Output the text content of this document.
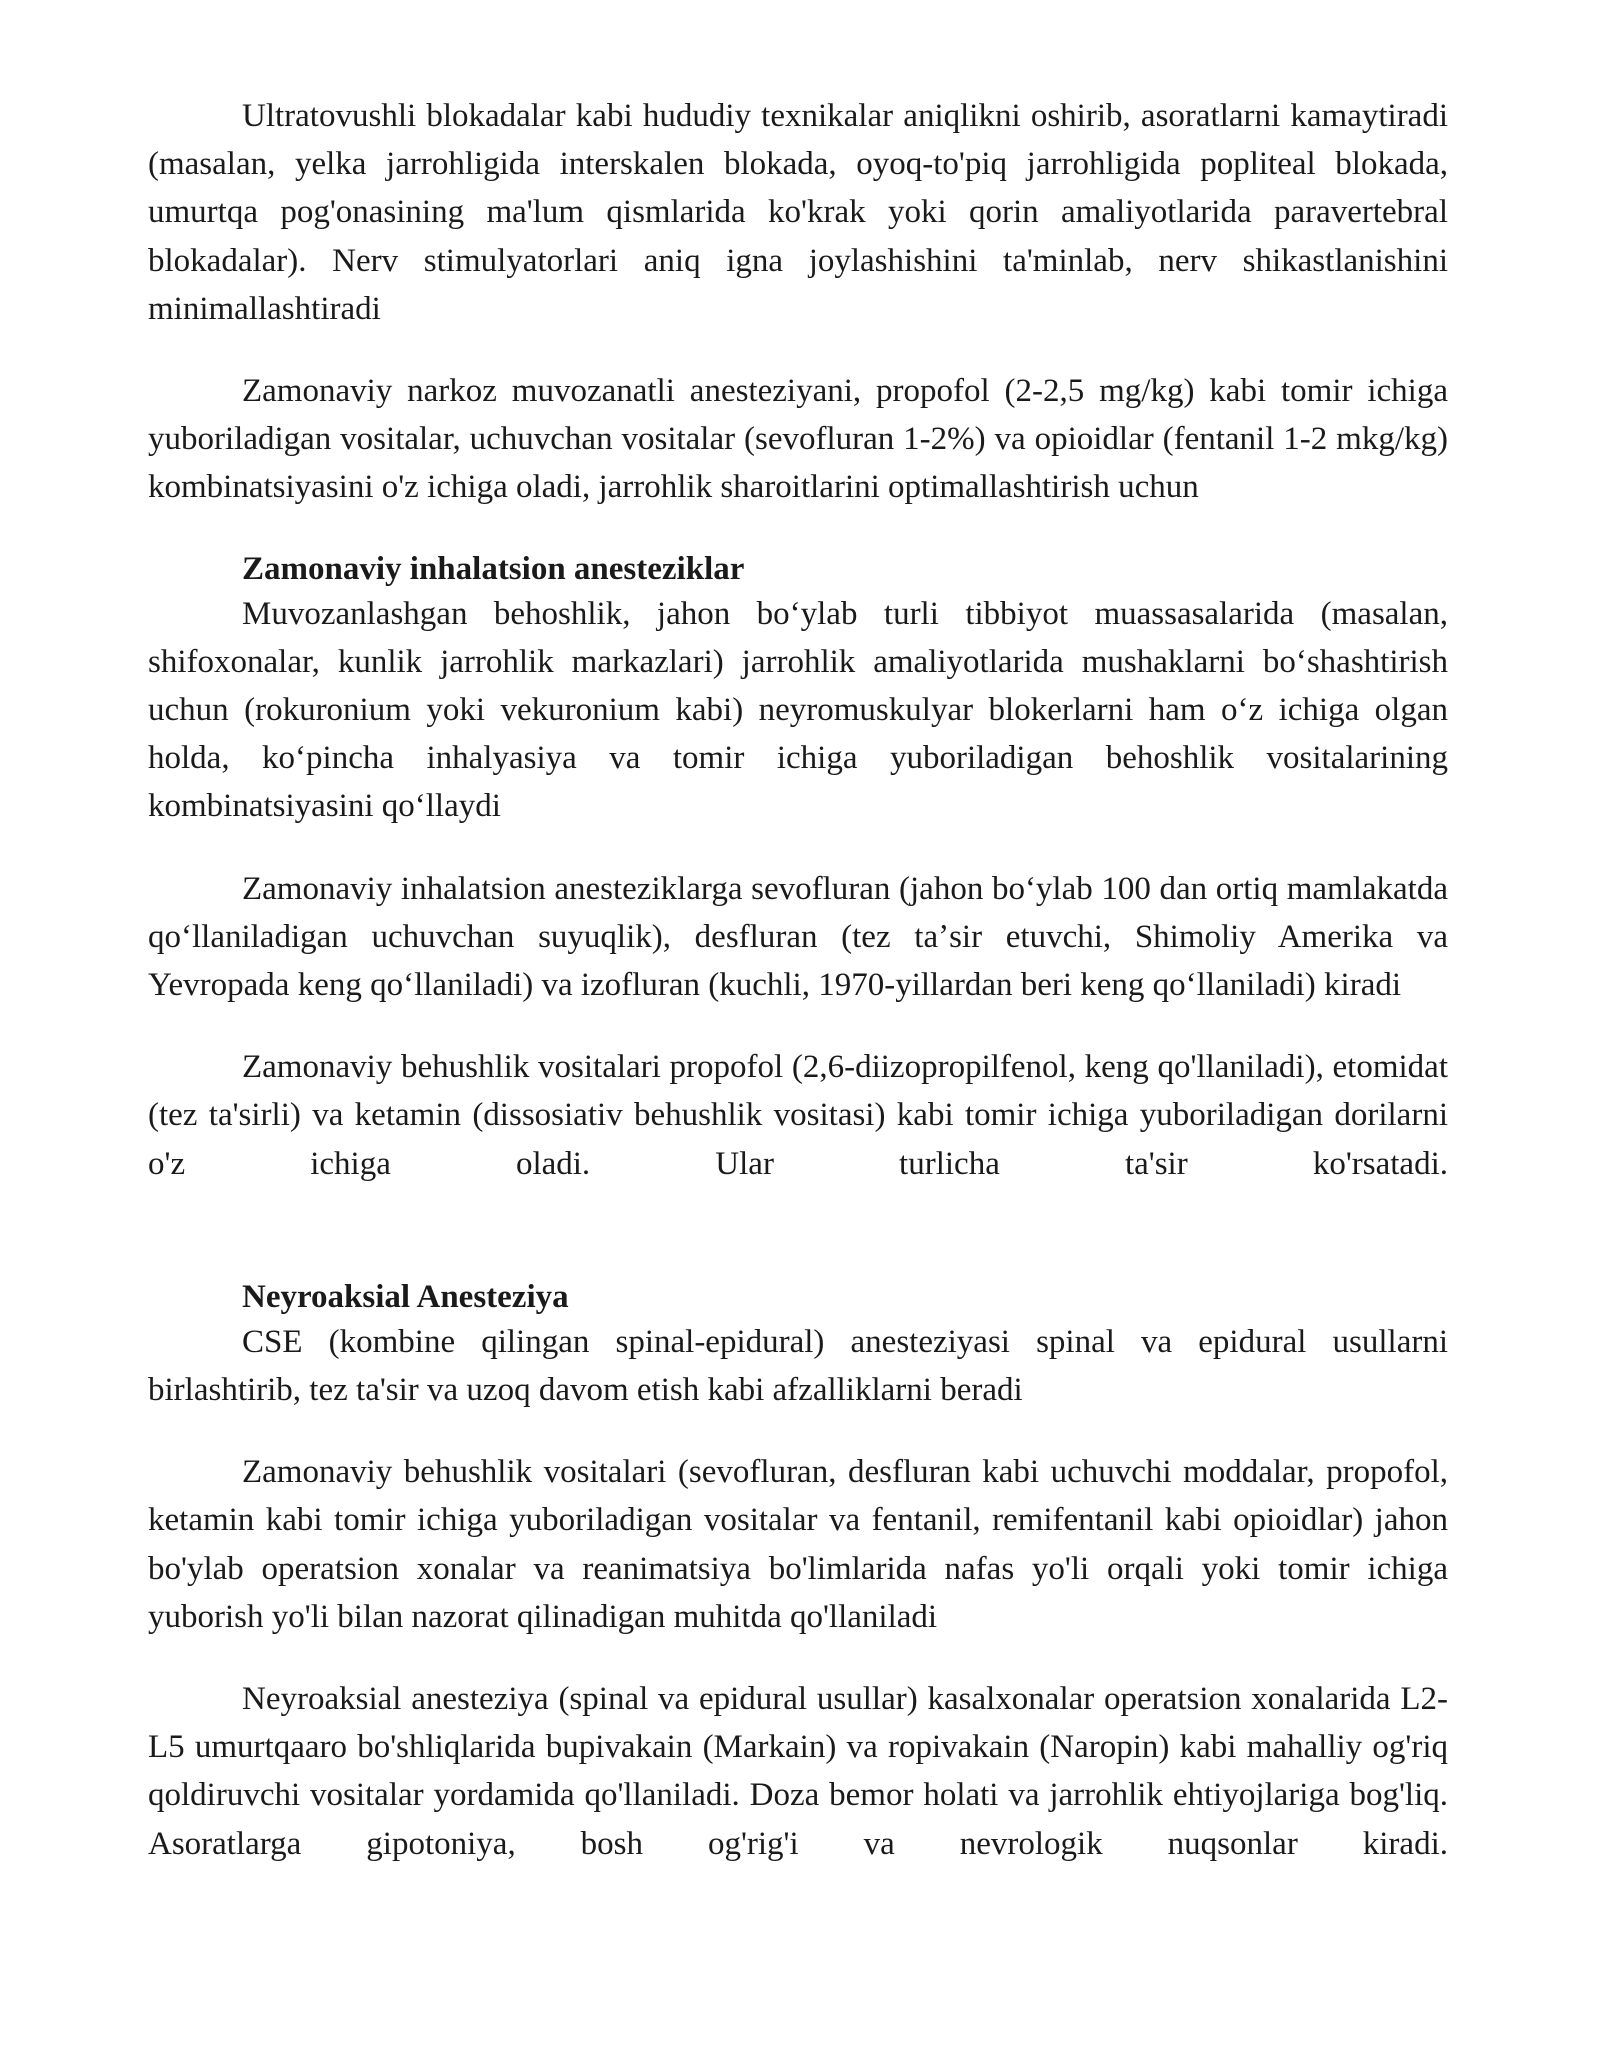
Ultratovushli blokadalar kabi hududiy texnikalar aniqlikni oshirib, asoratlarni kamaytiradi (masalan, yelka jarrohligida interskalen blokada, oyoq-to'piq jarrohligida popliteal blokada, umurtqa pog'onasining ma'lum qismlarida ko'krak yoki qorin amaliyotlarida paravertebral blokadalar). Nerv stimulyatorlari aniq igna joylashishini ta'minlab, nerv shikastlanishini minimallashtiradi

Zamonaviy narkoz muvozanatli anesteziyani, propofol (2-2,5 mg/kg) kabi tomir ichiga yuboriladigan vositalar, uchuvchan vositalar (sevofluran 1-2%) va opioidlar (fentanil 1-2 mkg/kg) kombinatsiyasini o'z ichiga oladi, jarrohlik sharoitlarini optimallashtirish uchun

Zamonaviy inhalatsion anesteziklar

Muvozanlashgan behoshlik, jahon boʻylab turli tibbiyot muassasalarida (masalan, shifoxonalar, kunlik jarrohlik markazlari) jarrohlik amaliyotlarida mushaklarni boʻshashtirish uchun (rokuronium yoki vekuronium kabi) neyromuskulyar blokerlarni ham oʻz ichiga olgan holda, koʻpincha inhalyasiya va tomir ichiga yuboriladigan behoshlik vositalarining kombinatsiyasini qoʻllaydi

Zamonaviy inhalatsion anesteziklarga sevofluran (jahon boʻylab 100 dan ortiq mamlakatda qoʻllaniladigan uchuvchan suyuqlik), desfluran (tez taʼsir etuvchi, Shimoliy Amerika va Yevropada keng qoʻllaniladi) va izofluran (kuchli, 1970-yillardan beri keng qoʻllaniladi) kiradi

Zamonaviy behushlik vositalari propofol (2,6-diizopropilfenol, keng qo'llaniladi), etomidat (tez ta'sirli) va ketamin (dissosiativ behushlik vositasi) kabi tomir ichiga yuboriladigan dorilarni o'z ichiga oladi. Ular turlicha ta'sir ko'rsatadi.

Neyroaksial Anesteziya

CSE (kombine qilingan spinal-epidural) anesteziyasi spinal va epidural usullarni birlashtirib, tez ta'sir va uzoq davom etish kabi afzalliklarni beradi

Zamonaviy behushlik vositalari (sevofluran, desfluran kabi uchuvchi moddalar, propofol, ketamin kabi tomir ichiga yuboriladigan vositalar va fentanil, remifentanil kabi opioidlar) jahon bo'ylab operatsion xonalar va reanimatsiya bo'limlarida nafas yo'li orqali yoki tomir ichiga yuborish yo'li bilan nazorat qilinadigan muhitda qo'llaniladi

Neyroaksial anesteziya (spinal va epidural usullar) kasalxonalar operatsion xonalarida L2-L5 umurtqaaro bo'shliqlarida bupivakain (Markain) va ropivakain (Naropin) kabi mahalliy og'riq qoldiruvchi vositalar yordamida qo'llaniladi. Doza bemor holati va jarrohlik ehtiyojlariga bog'liq. Asoratlarga gipotoniya, bosh og'rig'i va nevrologik nuqsonlar kiradi.
